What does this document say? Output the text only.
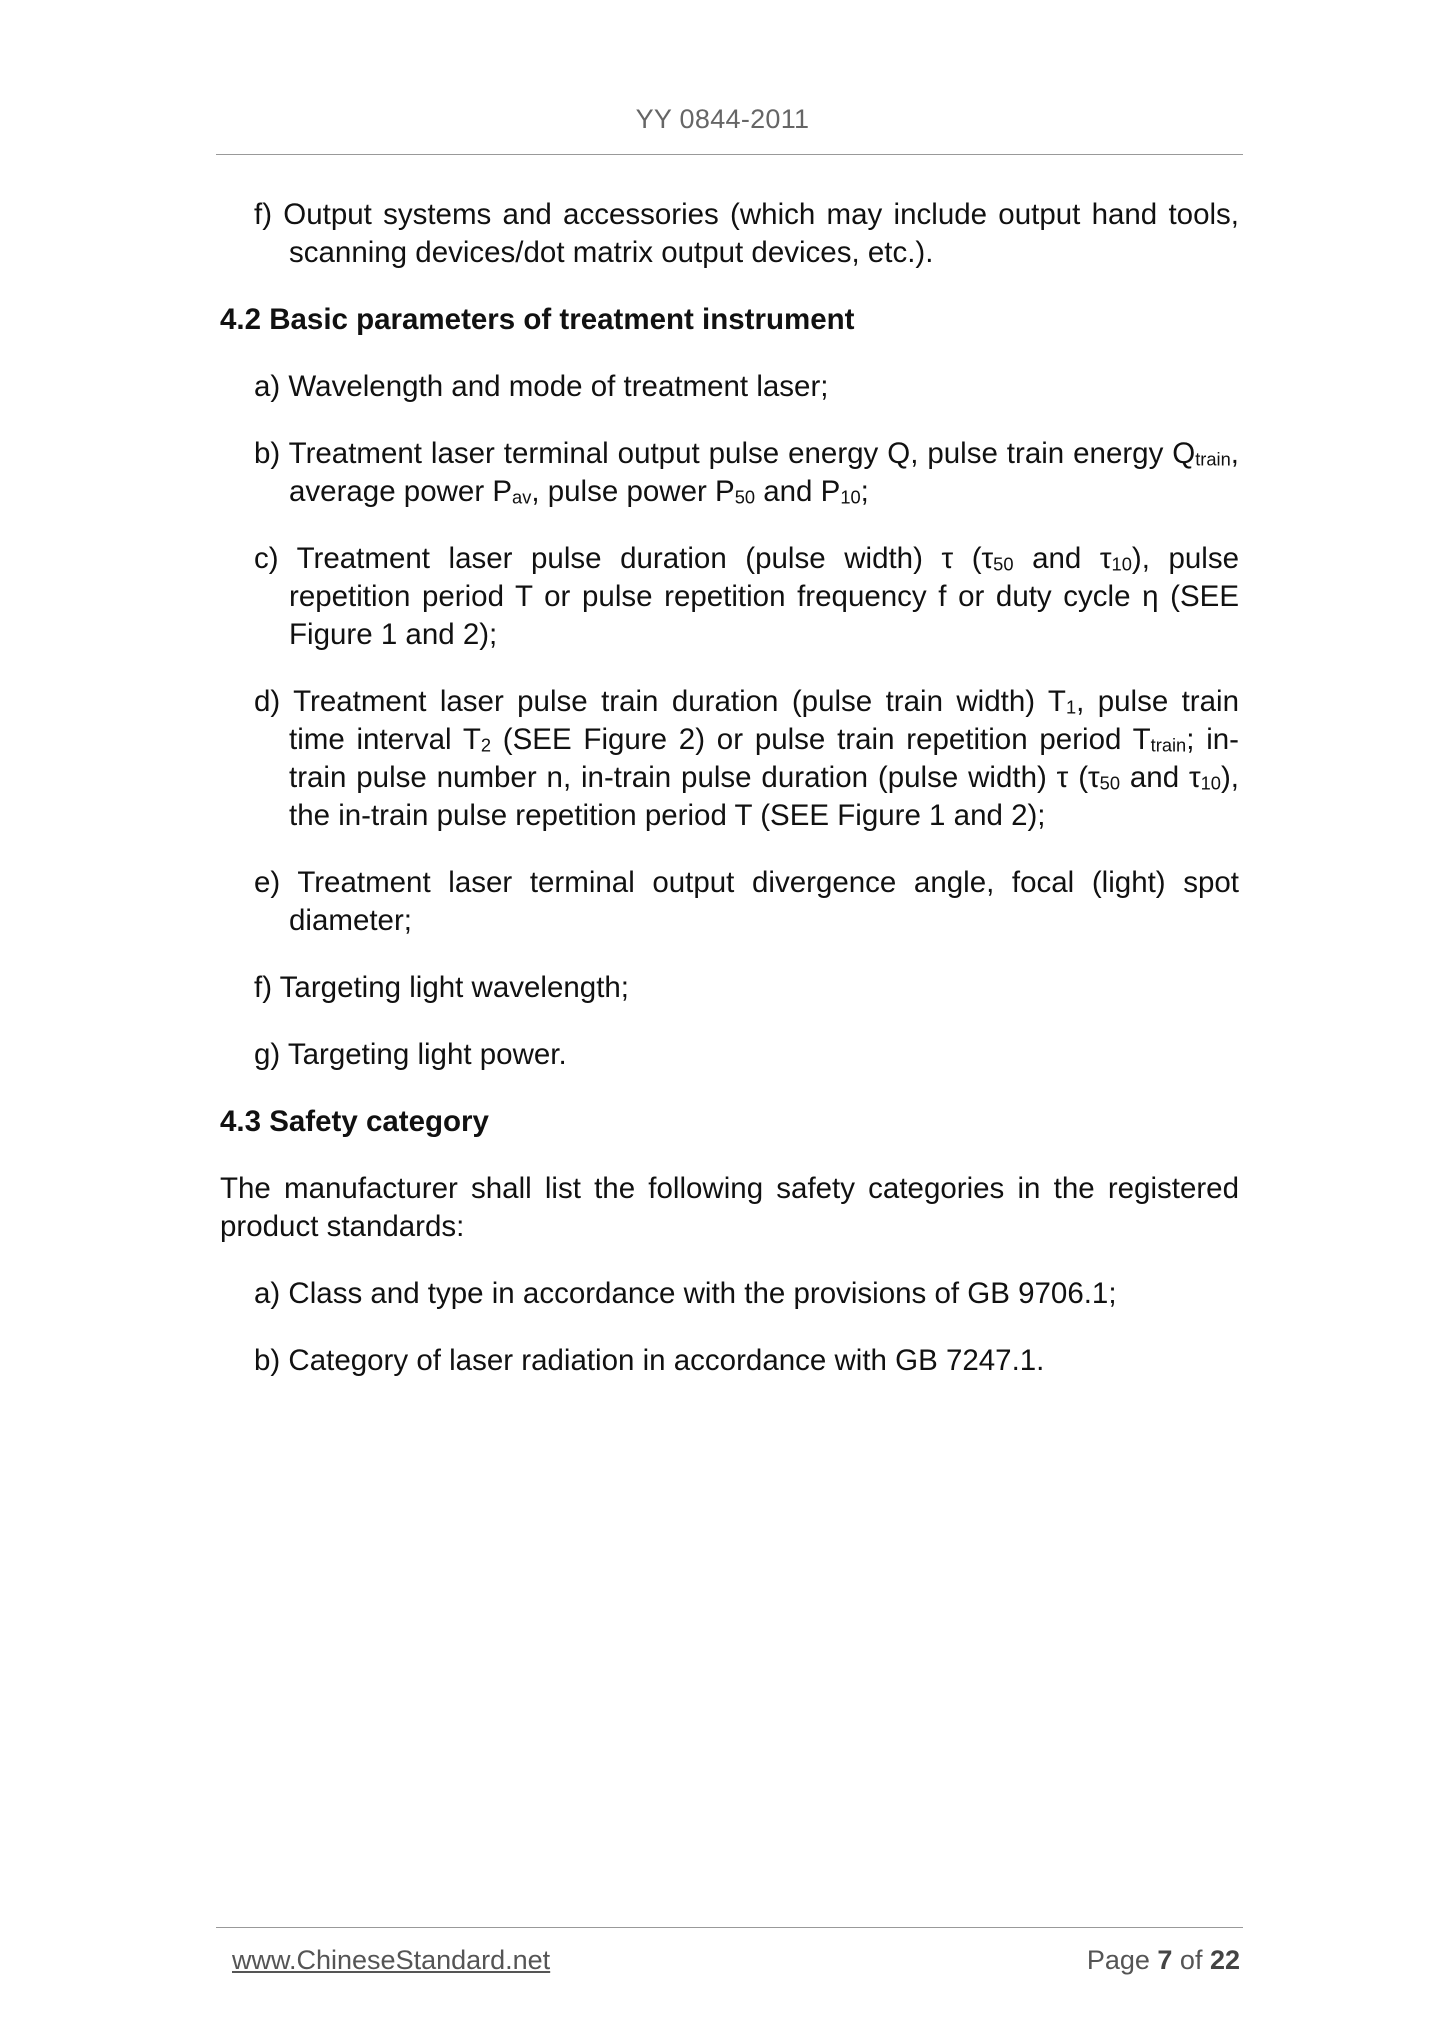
YY 0844-2011

f) Output systems and accessories (which may include output hand tools, scanning devices/dot matrix output devices, etc.).

4.2 Basic parameters of treatment instrument

a) Wavelength and mode of treatment laser;

b) Treatment laser terminal output pulse energy Q, pulse train energy $Q_{train}$, average power $P_{av}$, pulse power $P_{50}$ and $P_{10}$;

c) Treatment laser pulse duration (pulse width) τ ($\tau_{50}$ and $\tau_{10}$), pulse repetition period T or pulse repetition frequency f or duty cycle η (SEE Figure 1 and 2);

d) Treatment laser pulse train duration (pulse train width) $T_1$, pulse train time interval $T_2$ (SEE Figure 2) or pulse train repetition period $T_{train}$; in-train pulse number n, in-train pulse duration (pulse width) τ ($\tau_{50}$ and $\tau_{10}$), the in-train pulse repetition period T (SEE Figure 1 and 2);

e) Treatment laser terminal output divergence angle, focal (light) spot diameter;

f) Targeting light wavelength;

g) Targeting light power.

4.3 Safety category

The manufacturer shall list the following safety categories in the registered product standards:

a) Class and type in accordance with the provisions of GB 9706.1;

b) Category of laser radiation in accordance with GB 7247.1.

www.ChineseStandard.net	Page 7 of 22
